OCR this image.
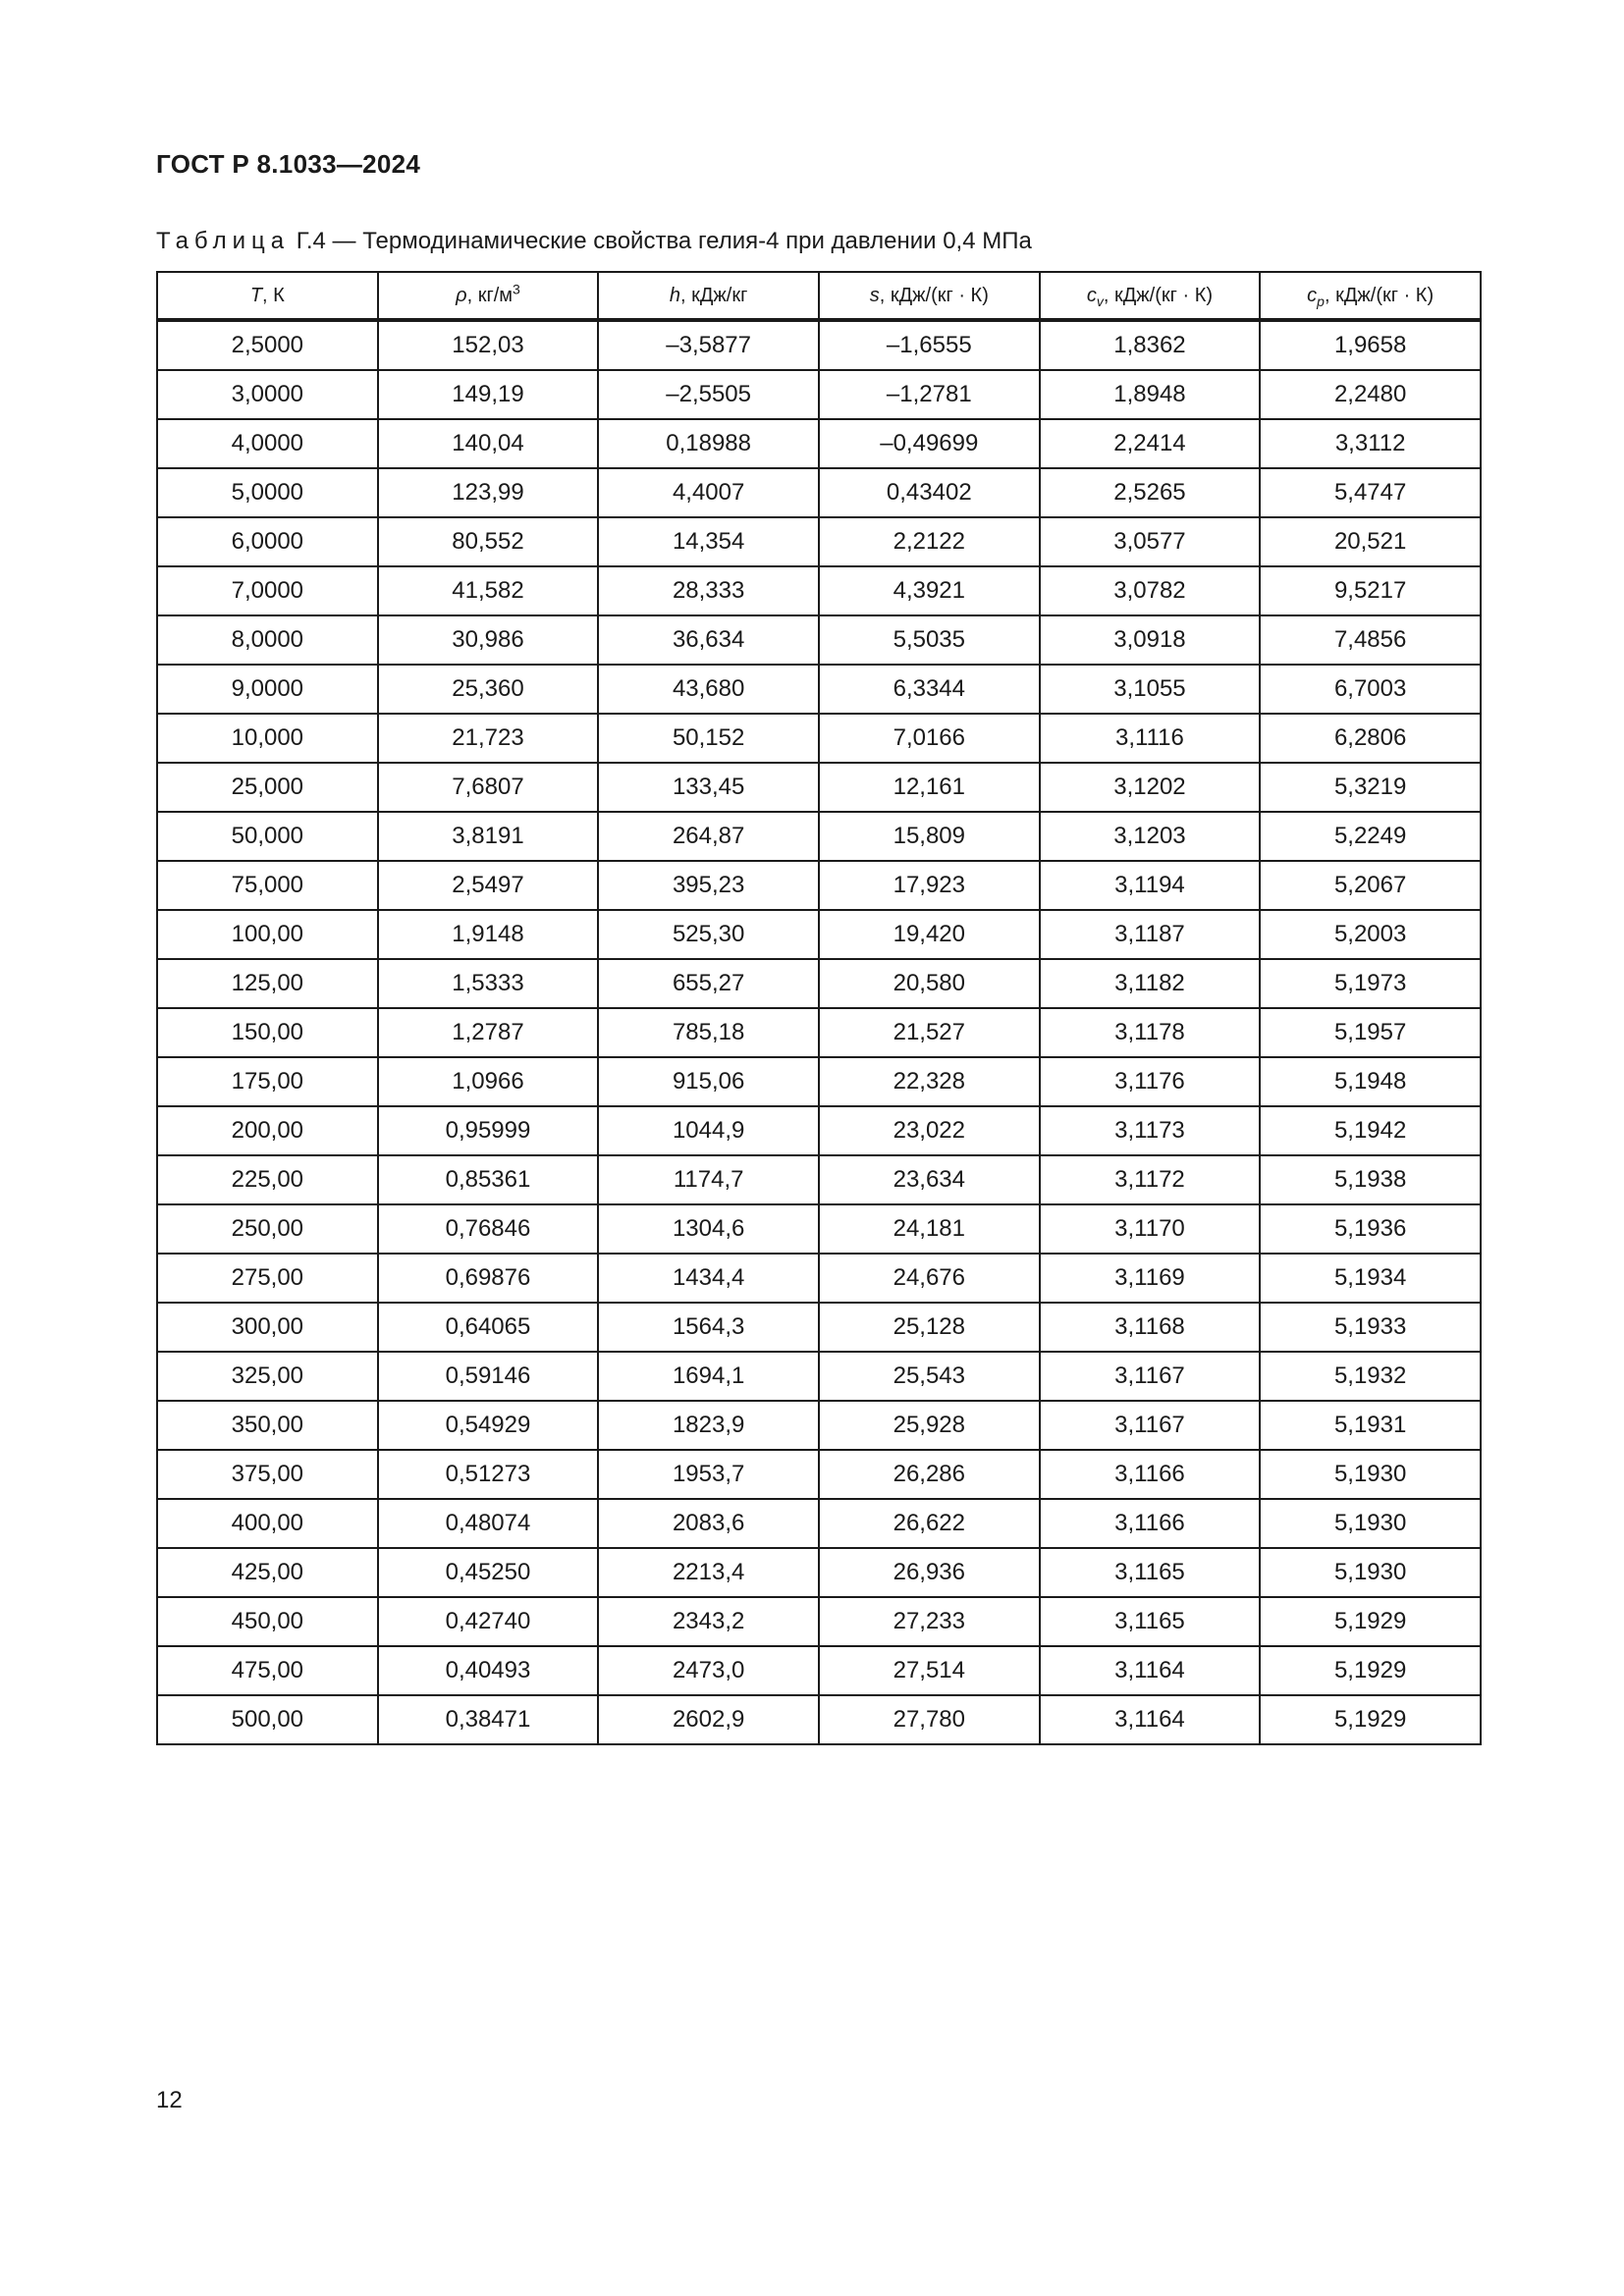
ГОСТ Р 8.1033—2024
Таблица Г.4 — Термодинамические свойства гелия-4 при давлении 0,4 МПа
T, К	ρ, $кг/м^3$	h, кДж/кг	s, кДж/(кг · К)	$c_v$, кДж/(кг · К)	$c_p$, кДж/(кг · К)
2,5000	152,03	–3,5877	–1,6555	1,8362	1,9658
3,0000	149,19	–2,5505	–1,2781	1,8948	2,2480
4,0000	140,04	0,18988	–0,49699	2,2414	3,3112
5,0000	123,99	4,4007	0,43402	2,5265	5,4747
6,0000	80,552	14,354	2,2122	3,0577	20,521
7,0000	41,582	28,333	4,3921	3,0782	9,5217
8,0000	30,986	36,634	5,5035	3,0918	7,4856
9,0000	25,360	43,680	6,3344	3,1055	6,7003
10,000	21,723	50,152	7,0166	3,1116	6,2806
25,000	7,6807	133,45	12,161	3,1202	5,3219
50,000	3,8191	264,87	15,809	3,1203	5,2249
75,000	2,5497	395,23	17,923	3,1194	5,2067
100,00	1,9148	525,30	19,420	3,1187	5,2003
125,00	1,5333	655,27	20,580	3,1182	5,1973
150,00	1,2787	785,18	21,527	3,1178	5,1957
175,00	1,0966	915,06	22,328	3,1176	5,1948
200,00	0,95999	1044,9	23,022	3,1173	5,1942
225,00	0,85361	1174,7	23,634	3,1172	5,1938
250,00	0,76846	1304,6	24,181	3,1170	5,1936
275,00	0,69876	1434,4	24,676	3,1169	5,1934
300,00	0,64065	1564,3	25,128	3,1168	5,1933
325,00	0,59146	1694,1	25,543	3,1167	5,1932
350,00	0,54929	1823,9	25,928	3,1167	5,1931
375,00	0,51273	1953,7	26,286	3,1166	5,1930
400,00	0,48074	2083,6	26,622	3,1166	5,1930
425,00	0,45250	2213,4	26,936	3,1165	5,1930
450,00	0,42740	2343,2	27,233	3,1165	5,1929
475,00	0,40493	2473,0	27,514	3,1164	5,1929
500,00	0,38471	2602,9	27,780	3,1164	5,1929
12
